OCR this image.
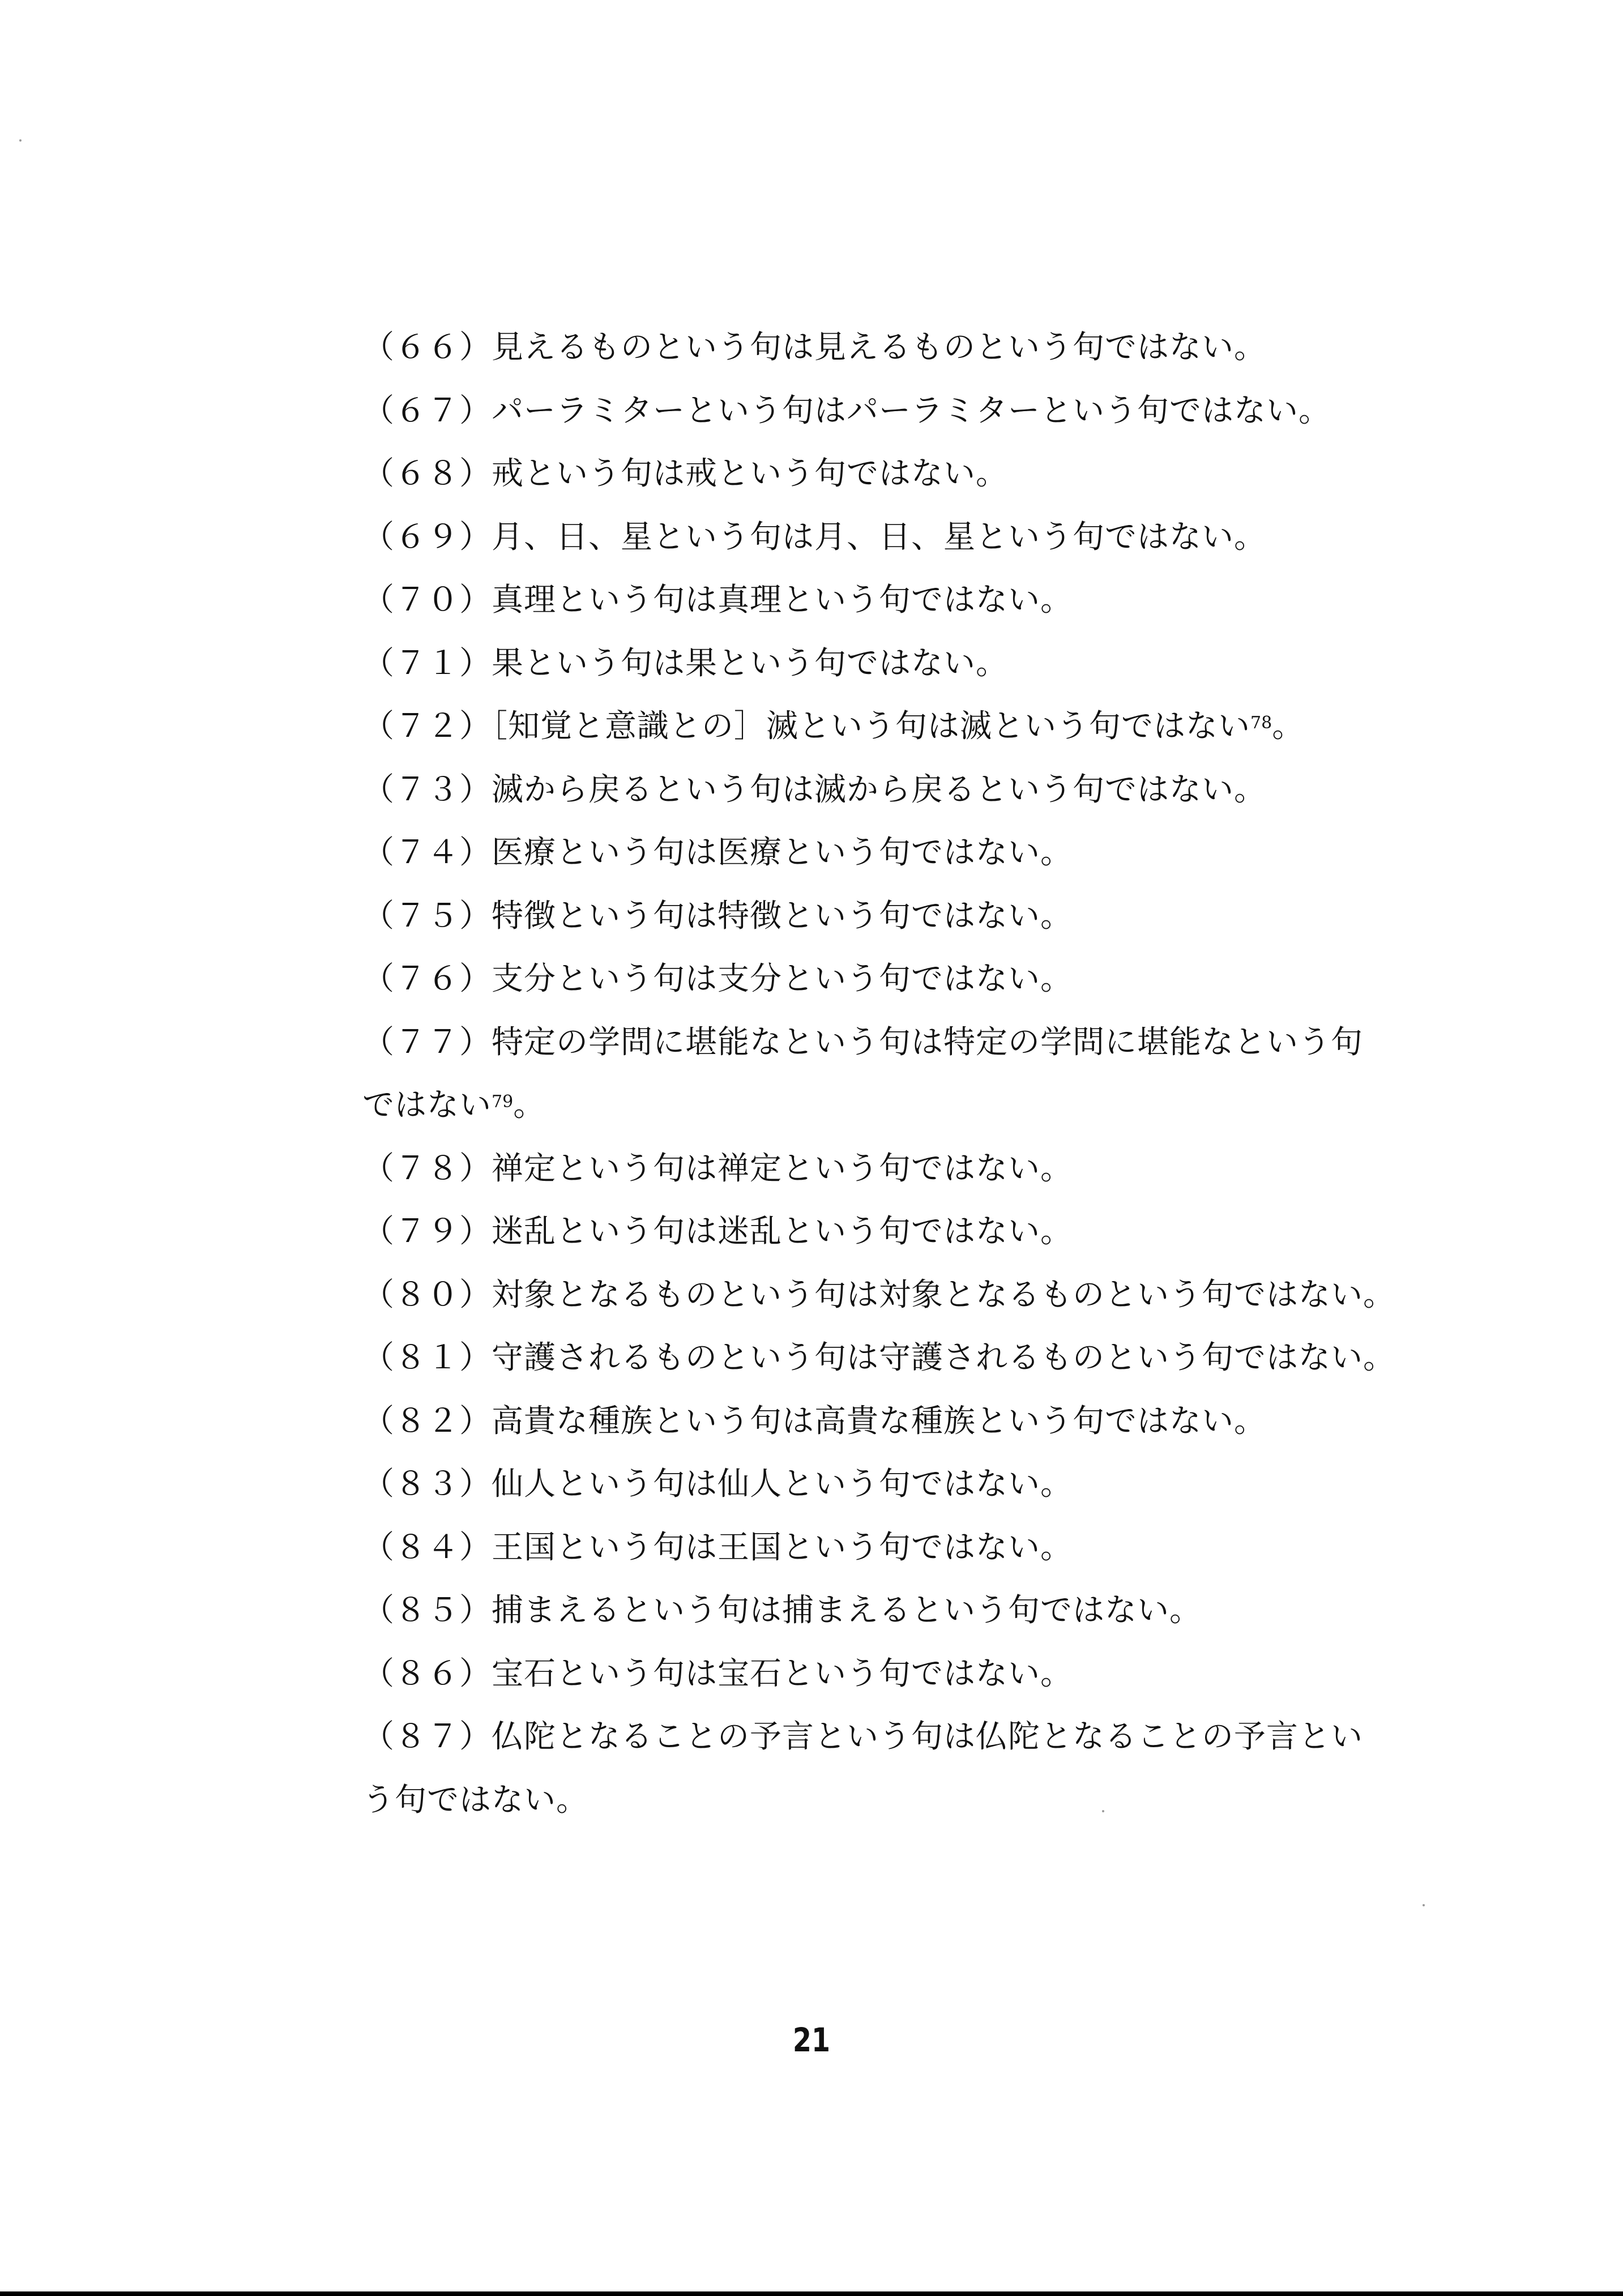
（６６）見えるものという句は見えるものという句ではない。
（６７）パーラミターという句はパーラミターという句ではない。
（６８）戒という句は戒という句ではない。
（６９）月、日、星という句は月、日、星という句ではない。
（７０）真理という句は真理という句ではない。
（７１）果という句は果という句ではない。
（７２）［知覚と意識との］滅という句は滅という句ではない$^{78}$。
（７３）滅から戻るという句は滅から戻るという句ではない。
（７４）医療という句は医療という句ではない。
（７５）特徴という句は特徴という句ではない。
（７６）支分という句は支分という句ではない。
（７７）特定の学問に堪能なという句は特定の学問に堪能なという句
ではない$^{79}$。
（７８）禅定という句は禅定という句ではない。
（７９）迷乱という句は迷乱という句ではない。
（８０）対象となるものという句は対象となるものという句ではない。
（８１）守護されるものという句は守護されるものという句ではない。
（８２）高貴な種族という句は高貴な種族という句ではない。
（８３）仙人という句は仙人という句ではない。
（８４）王国という句は王国という句ではない。
（８５）捕まえるという句は捕まえるという句ではない。
（８６）宝石という句は宝石という句ではない。
（８７）仏陀となることの予言という句は仏陀となることの予言とい
う句ではない。
21
